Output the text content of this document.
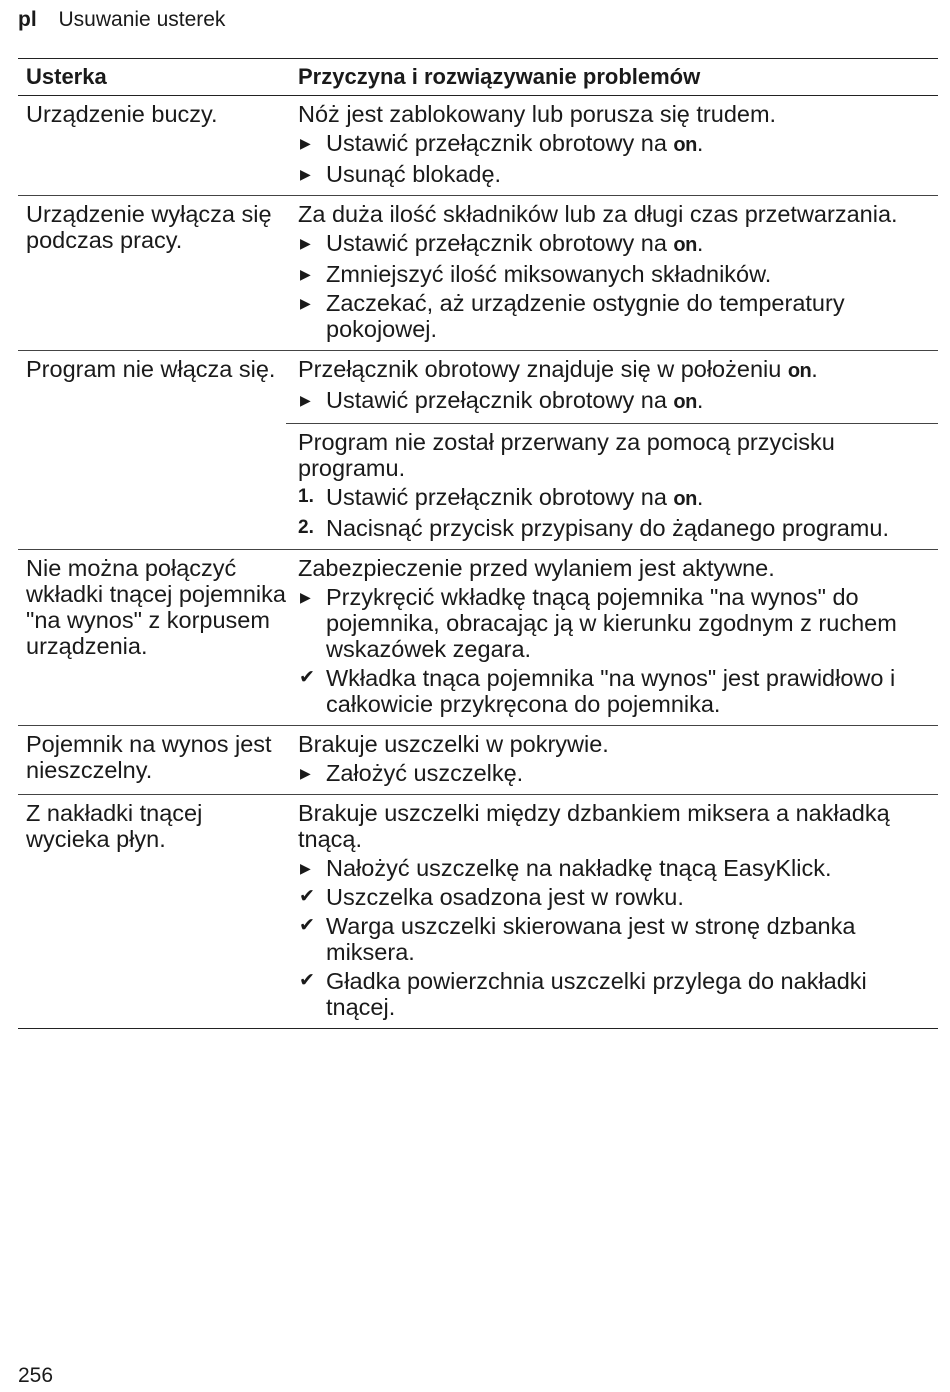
pl Usuwanie usterek
Usterka	Przyczyna i rozwiązywanie problemów
Urządzenie buczy.	Nóż jest zablokowany lub porusza się trudem.
▶ Ustawić przełącznik obrotowy na on.
▶ Usunąć blokadę.
Urządzenie wyłącza się podczas pracy.
Za duża ilość składników lub za długi czas przetwarzania.
▶ Ustawić przełącznik obrotowy na on.
▶ Zmniejszyć ilość miksowanych składników.
▶ Zaczekać, aż urządzenie ostygnie do temperatury pokojowej.
Program nie włącza się. Przełącznik obrotowy znajduje się w położeniu on.
▶ Ustawić przełącznik obrotowy na on.
Program nie został przerwany za pomocą przycisku programu.
1. Ustawić przełącznik obrotowy na on.
2. Nacisnąć przycisk przypisany do żądanego programu.
Nie można połączyć wkładki tnącej pojemnika "na wynos" z korpusem urządzenia.
Zabezpieczenie przed wylaniem jest aktywne.
▶ Przykręcić wkładkę tnącą pojemnika "na wynos" do pojemnika, obracając ją w kierunku zgodnym z ruchem wskazówek zegara.
✔ Wkładka tnąca pojemnika "na wynos" jest prawidłowo i całkowicie przykręcona do pojemnika.
Pojemnik na wynos jest nieszczelny.
Brakuje uszczelki w pokrywie.
▶ Założyć uszczelkę.
Z nakładki tnącej wycieka płyn.
Brakuje uszczelki między dzbankiem miksera a nakładką tnącą.
▶ Nałożyć uszczelkę na nakładkę tnącą EasyKlick.
✔ Uszczelka osadzona jest w rowku.
✔ Warga uszczelki skierowana jest w stronę dzbanka miksera.
✔ Gładka powierzchnia uszczelki przylega do nakładki tnącej.
256
